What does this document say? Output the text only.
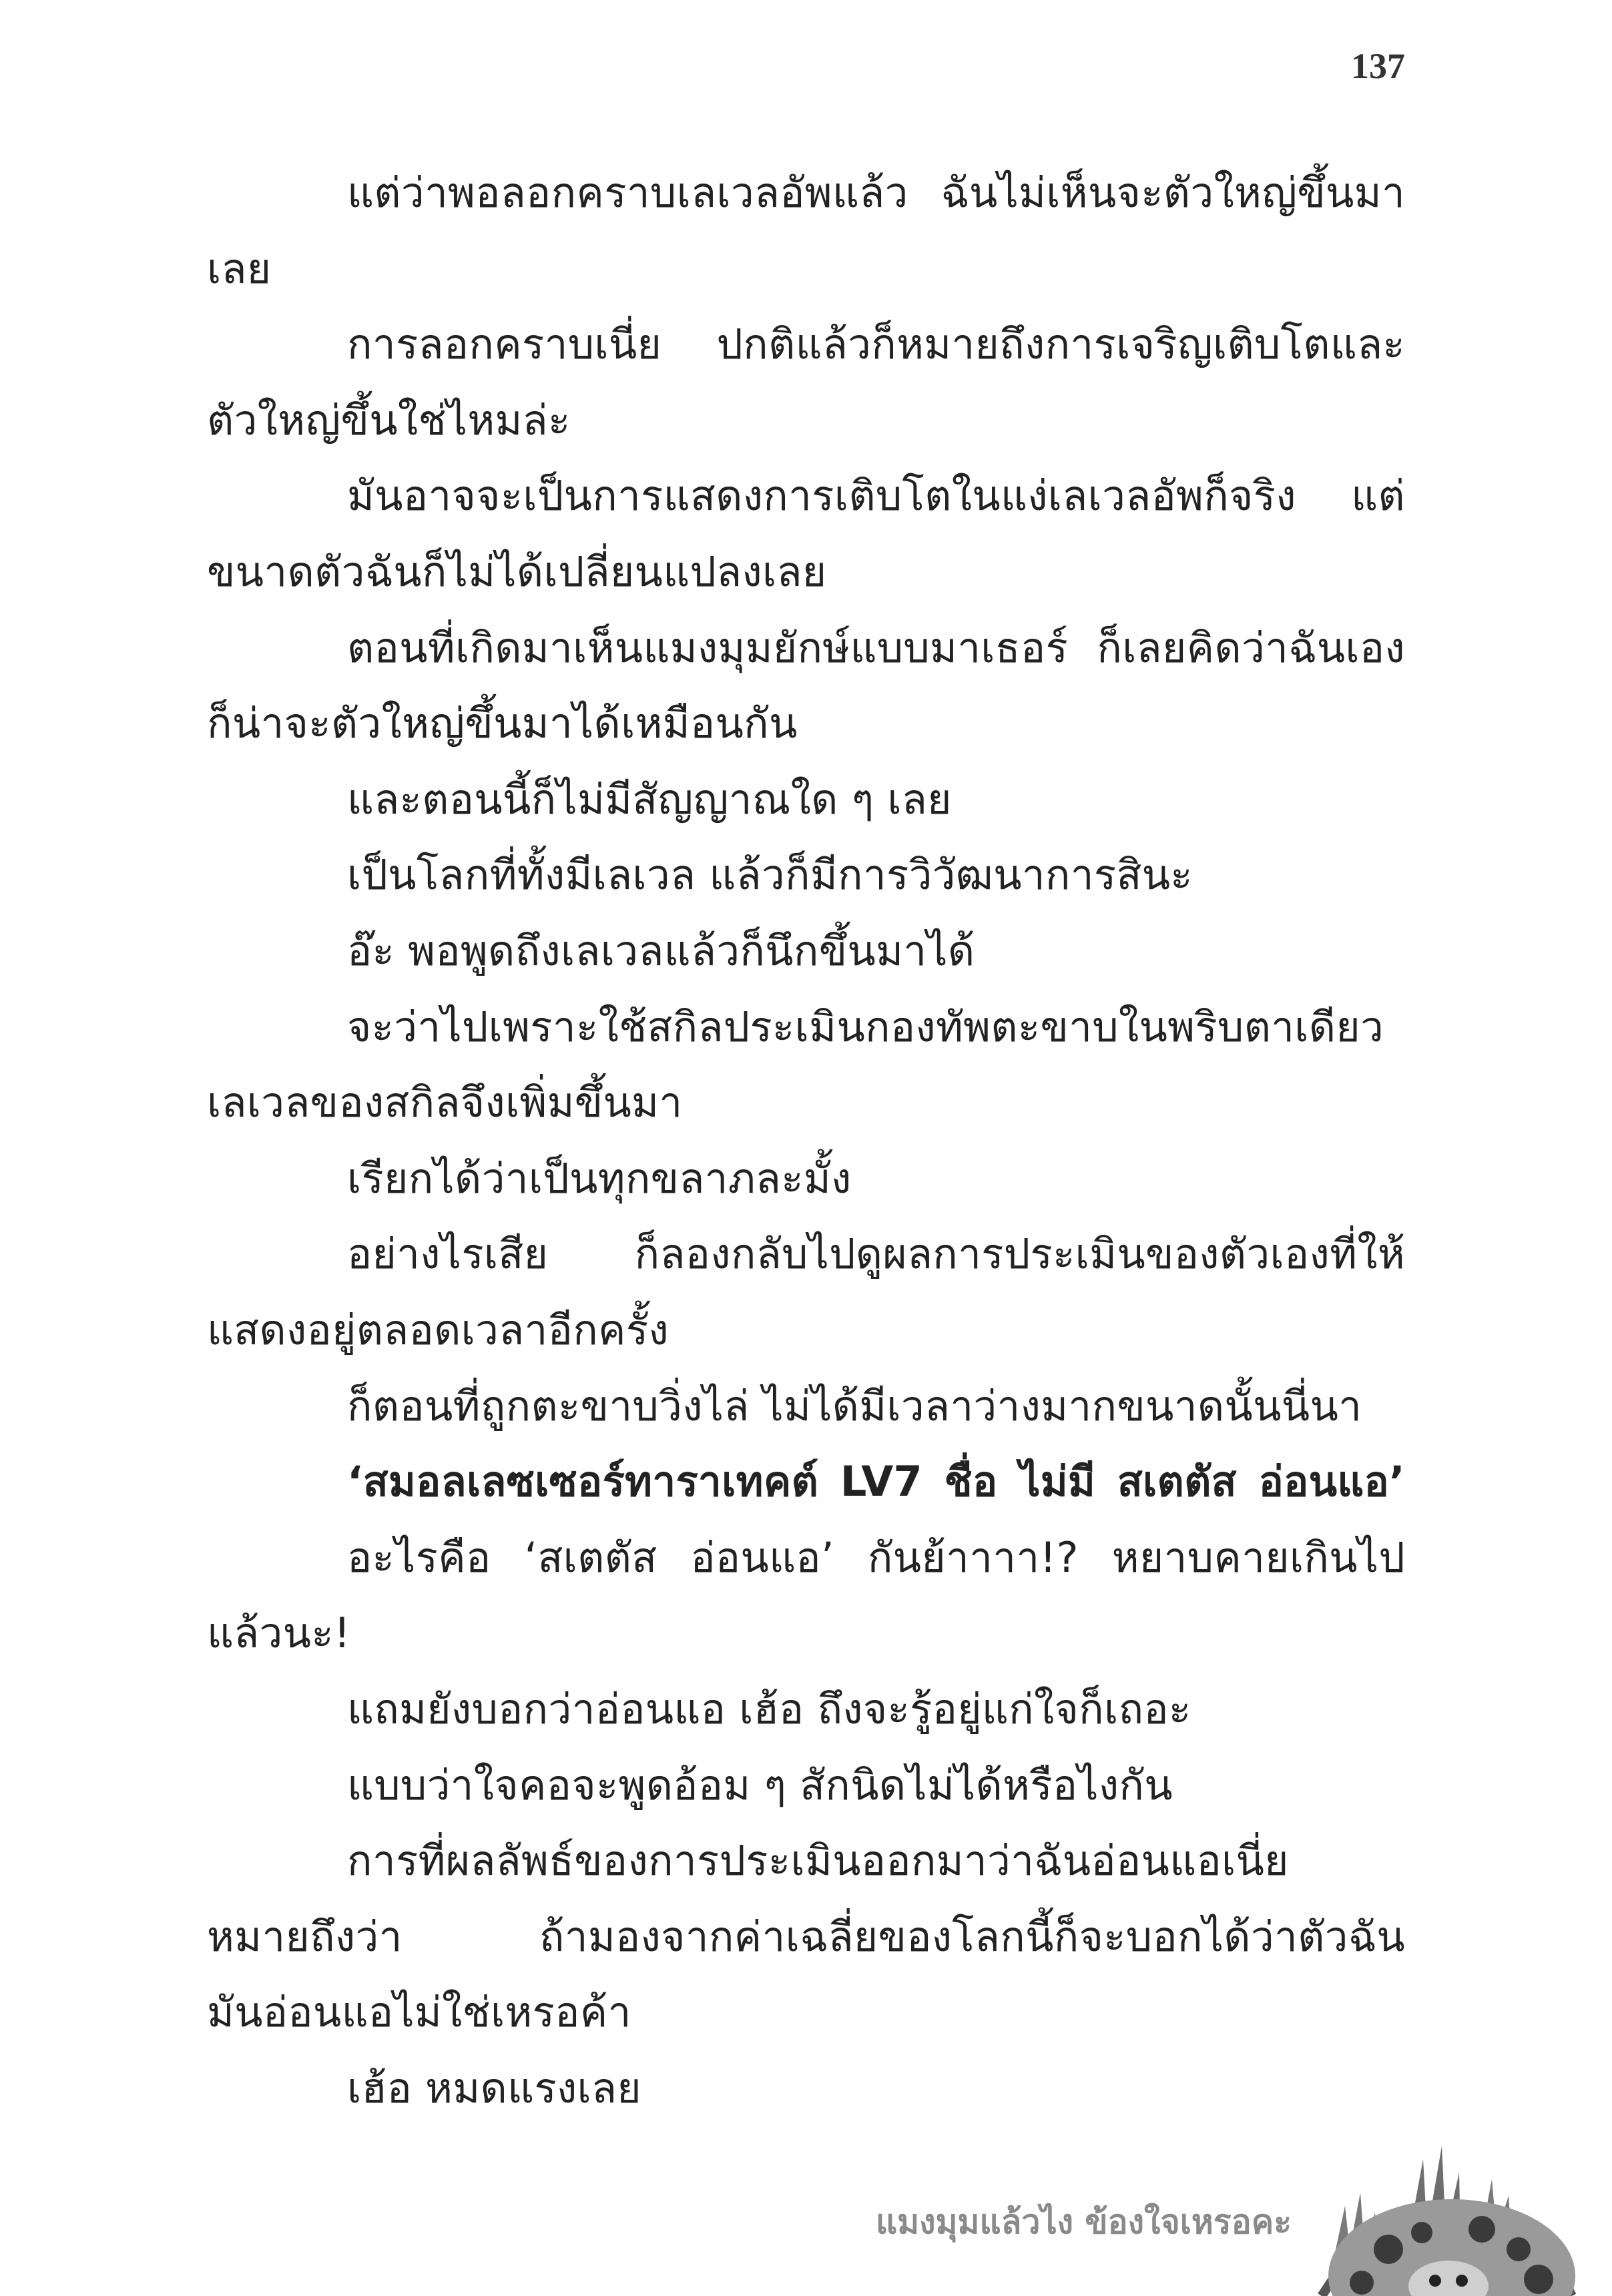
137
แต่ว่าพอลอกคราบเลเวลอัพแล้ว ฉันไม่เห็นจะตัวใหญ่ขึ้นมา
เลย
การลอกคราบเนี่ย ปกติแล้วก็หมายถึงการเจริญเติบโตและ
ตัวใหญ่ขึ้นใช่ไหมล่ะ
มันอาจจะเป็นการแสดงการเติบโตในแง่เลเวลอัพก็จริง แต่
ขนาดตัวฉันก็ไม่ได้เปลี่ยนแปลงเลย
ตอนที่เกิดมาเห็นแมงมุมยักษ์แบบมาเธอร์ ก็เลยคิดว่าฉันเอง
ก็น่าจะตัวใหญ่ขึ้นมาได้เหมือนกัน
และตอนนี้ก็ไม่มีสัญญาณใด ๆ เลย
เป็นโลกที่ทั้งมีเลเวล แล้วก็มีการวิวัฒนาการสินะ
อ๊ะ พอพูดถึงเลเวลแล้วก็นึกขึ้นมาได้
จะว่าไปเพราะใช้สกิลประเมินกองทัพตะขาบในพริบตาเดียว
เลเวลของสกิลจึงเพิ่มขึ้นมา
เรียกได้ว่าเป็นทุกขลาภละมั้ง
อย่างไรเสีย ก็ลองกลับไปดูผลการประเมินของตัวเองที่ให้
แสดงอยู่ตลอดเวลาอีกครั้ง
ก็ตอนที่ถูกตะขาบวิ่งไล่ ไม่ได้มีเวลาว่างมากขนาดนั้นนี่นา
‘สมอลเลซเซอร์ทาราเทคต์ LV7 ชื่อ ไม่มี สเตตัส อ่อนแอ’
อะไรคือ ‘สเตตัส อ่อนแอ’ กันย้าาาา!? หยาบคายเกินไป
แล้วนะ!
แถมยังบอกว่าอ่อนแอ เฮ้อ ถึงจะรู้อยู่แก่ใจก็เถอะ
แบบว่าใจคอจะพูดอ้อม ๆ สักนิดไม่ได้หรือไงกัน
การที่ผลลัพธ์ของการประเมินออกมาว่าฉันอ่อนแอเนี่ย
หมายถึงว่า ถ้ามองจากค่าเฉลี่ยของโลกนี้ก็จะบอกได้ว่าตัวฉัน
มันอ่อนแอไม่ใช่เหรอค้า
เฮ้อ หมดแรงเลย
แมงมุมแล้วไง ข้องใจเหรอคะ
